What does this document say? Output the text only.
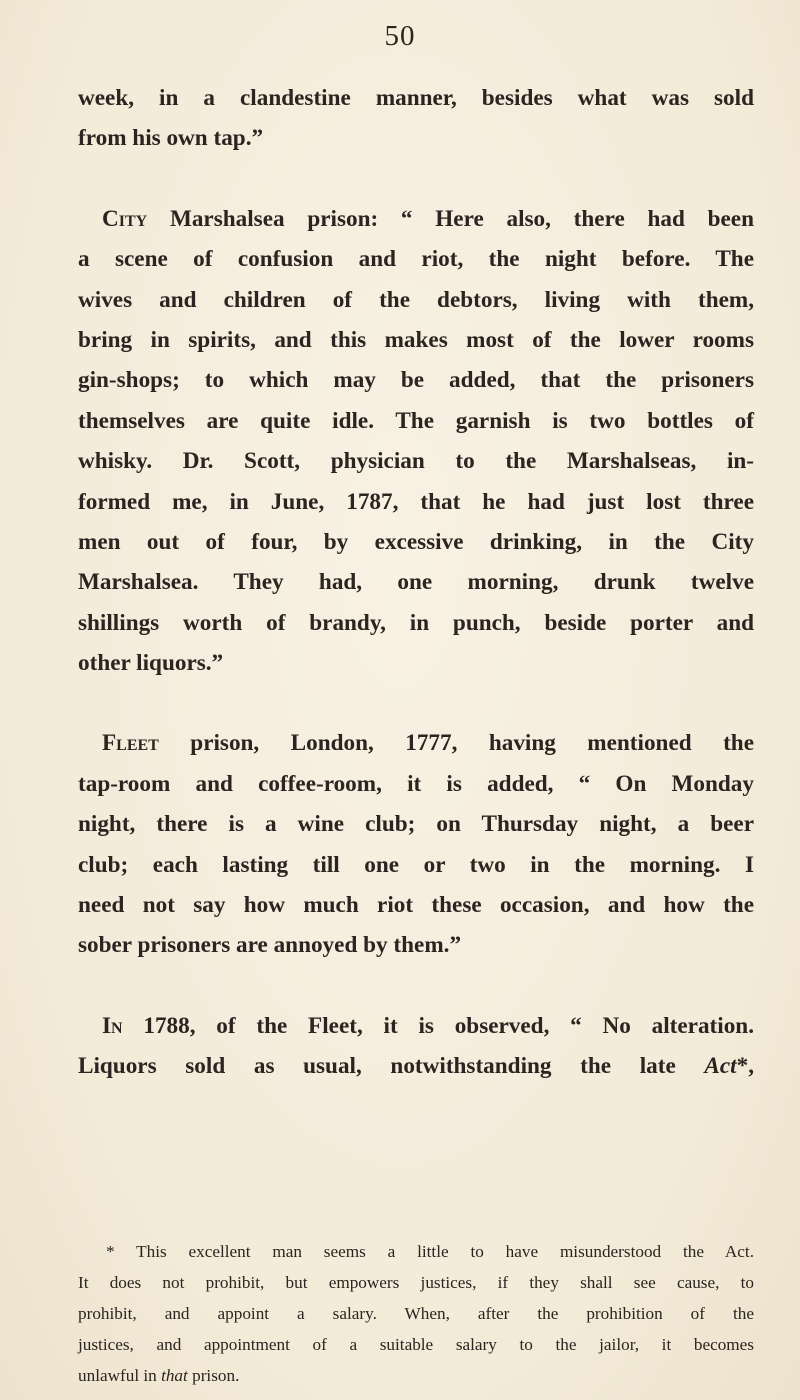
50
week, in a clandestine manner, besides what was sold
from his own tap.”
City Marshalsea prison: “ Here also, there had been
a scene of confusion and riot, the night before. The
wives and children of the debtors, living with them,
bring in spirits, and this makes most of the lower rooms
gin-shops; to which may be added, that the prisoners
themselves are quite idle. The garnish is two bottles of
whisky. Dr. Scott, physician to the Marshalseas, in-
formed me, in June, 1787, that he had just lost three
men out of four, by excessive drinking, in the City
Marshalsea. They had, one morning, drunk twelve
shillings worth of brandy, in punch, beside porter and
other liquors.”
Fleet prison, London, 1777, having mentioned the
tap-room and coffee-room, it is added, “ On Monday
night, there is a wine club; on Thursday night, a beer
club; each lasting till one or two in the morning. I
need not say how much riot these occasion, and how the
sober prisoners are annoyed by them.”
In 1788, of the Fleet, it is observed, “ No alteration.
Liquors sold as usual, notwithstanding the late Act*,
* This excellent man seems a little to have misunderstood the Act.
It does not prohibit, but empowers justices, if they shall see cause, to
prohibit, and appoint a salary. When, after the prohibition of the
justices, and appointment of a suitable salary to the jailor, it becomes
unlawful in that prison.
